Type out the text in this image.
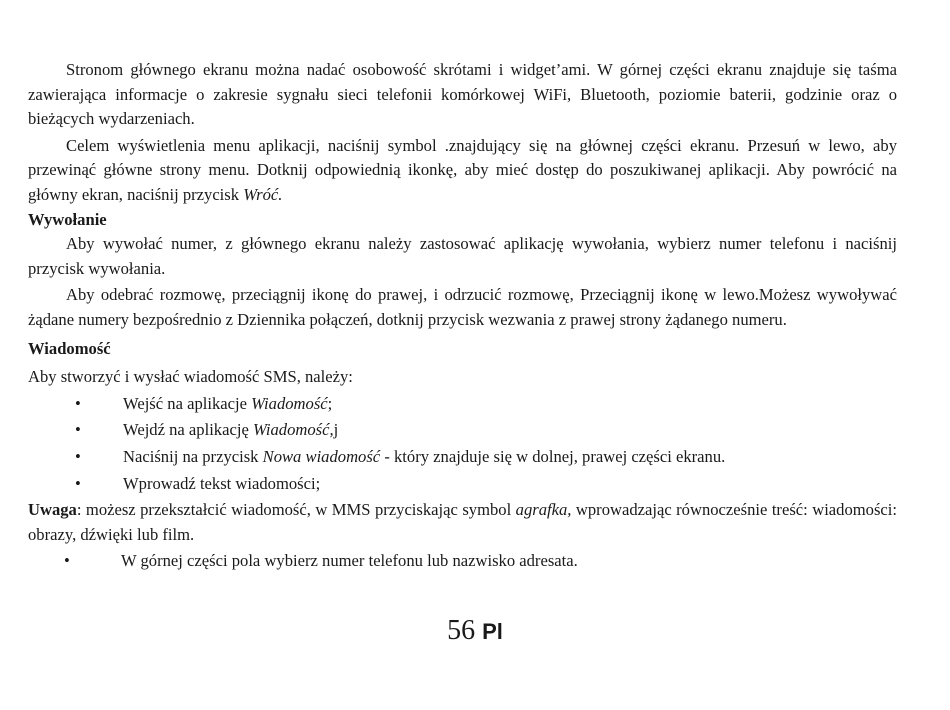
Stronom głównego ekranu można nadać osobowość skrótami i widget’ami. W górnej części ekranu znajduje się taśma zawierająca informacje o zakresie sygnału sieci telefonii komórkowej WiFi, Bluetooth, poziomie baterii, godzinie oraz o bieżących wydarzeniach.

Celem wyświetlenia menu aplikacji, naciśnij symbol .znajdujący się na głównej części ekranu. Przesuń w lewo, aby przewinąć główne strony menu. Dotknij odpowiednią ikonkę, aby mieć dostęp do poszukiwanej aplikacji. Aby powrócić na główny ekran, naciśnij przycisk Wróć.

Wywołanie

Aby wywołać numer, z głównego ekranu należy zastosować aplikację wywołania, wybierz numer telefonu i naciśnij przycisk wywołania.

Aby odebrać rozmowę, przeciągnij ikonę do prawej, i odrzucić rozmowę, Przeciągnij ikonę w lewo.Możesz wywoływać żądane numery bezpośrednio z Dziennika połączeń, dotknij przycisk wezwania z prawej strony żądanego numeru.

Wiadomość

Aby stworzyć i wysłać wiadomość SMS, należy:

•	Wejść na aplikacje Wiadomość;
•	Wejdź na aplikację Wiadomość,j
•	Naciśnij na przycisk Nowa wiadomość - który znajduje się w dolnej, prawej części ekranu.
•	Wprowadź tekst wiadomości;

Uwaga: możesz przekształcić wiadomość, w MMS przyciskając symbol agrafka, wprowadzając równocześnie treść: wiadomości: obrazy, dźwięki lub film.

•	W górnej części pola wybierz numer telefonu lub nazwisko adresata.
56 Pl
